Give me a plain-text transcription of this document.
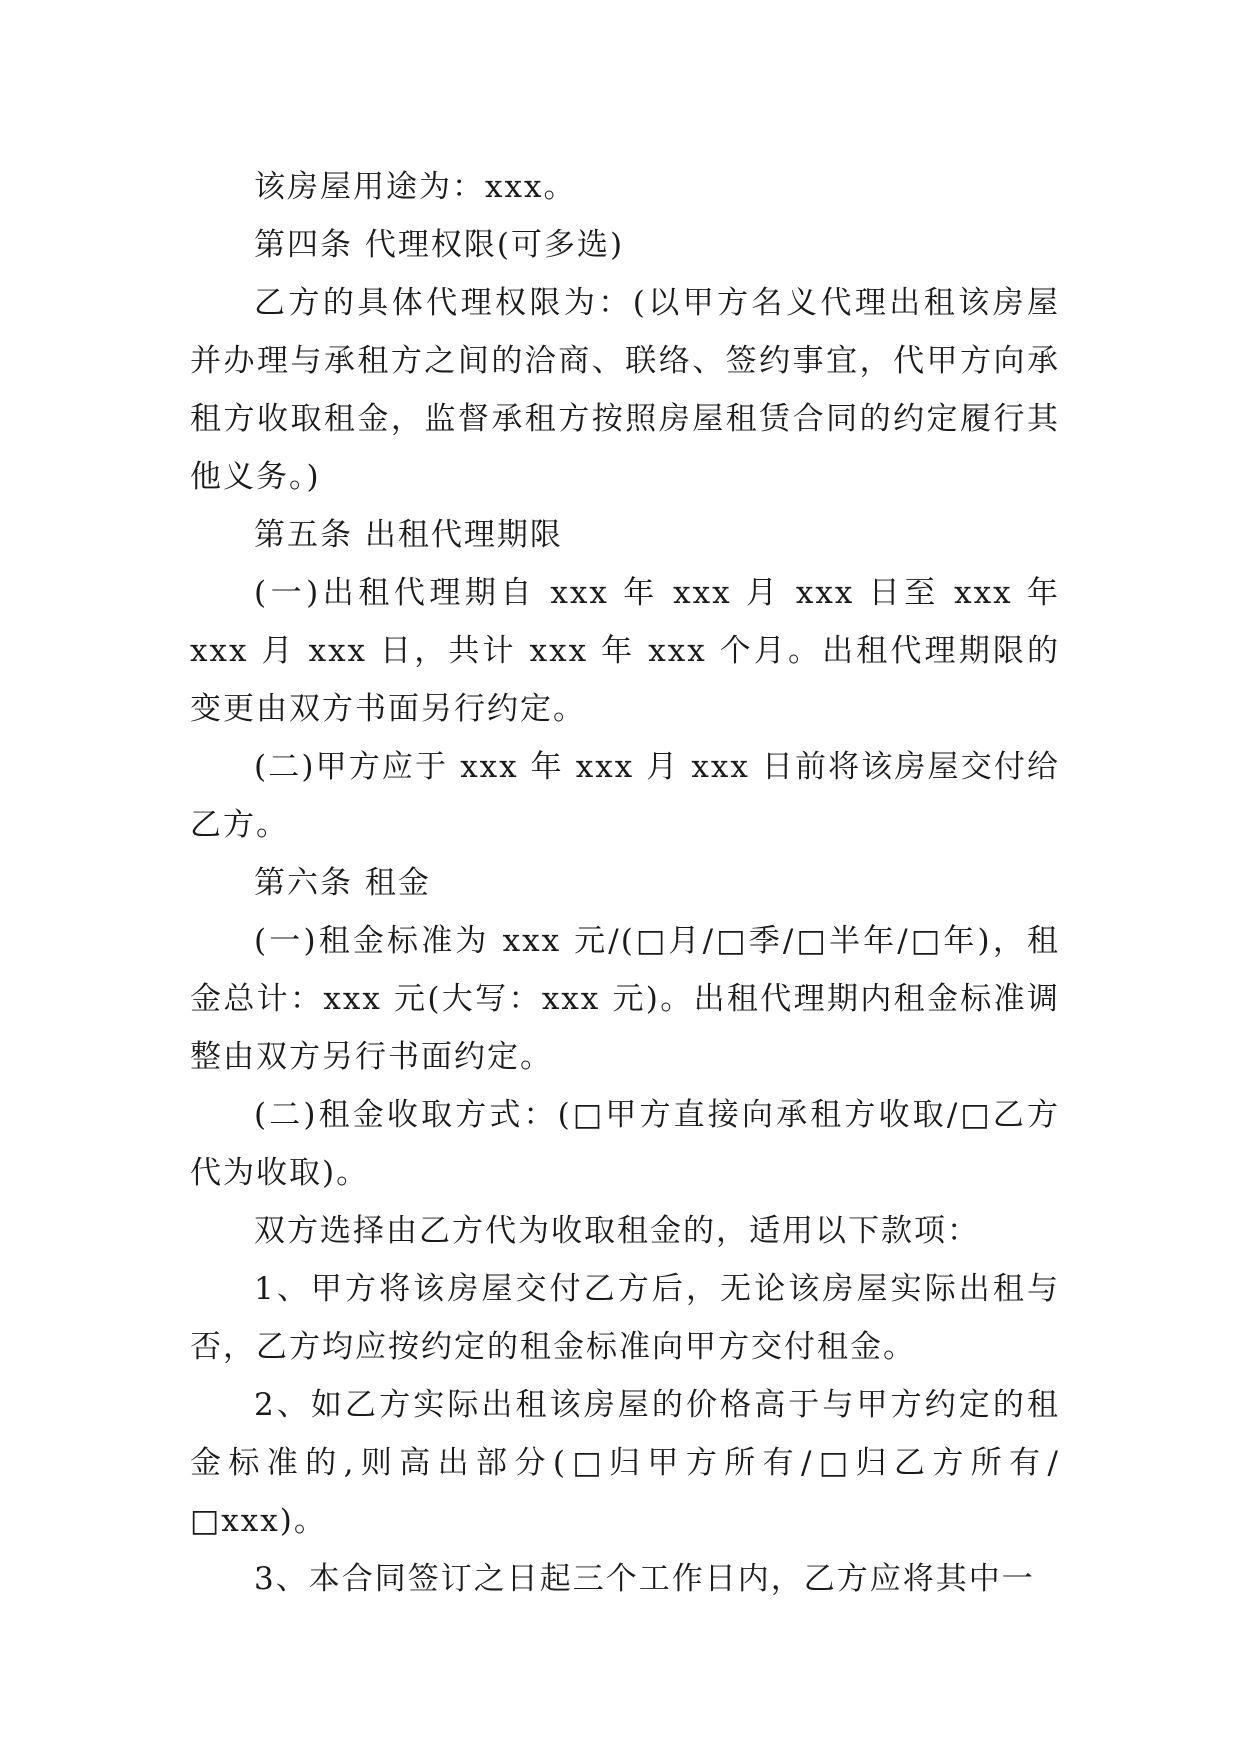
该房屋用途为：xxx。

第四条 代理权限(可多选)

乙方的具体代理权限为：(以甲方名义代理出租该房屋并办理与承租方之间的洽商、联络、签约事宜，代甲方向承租方收取租金，监督承租方按照房屋租赁合同的约定履行其他义务。)

第五条 出租代理期限

(一)出租代理期自 xxx 年 xxx 月 xxx 日至 xxx 年 xxx 月 xxx 日，共计 xxx 年 xxx 个月。出租代理期限的变更由双方书面另行约定。

(二)甲方应于 xxx 年 xxx 月 xxx 日前将该房屋交付给乙方。

第六条 租金

(一)租金标准为 xxx 元/(□月/□季/□半年/□年)，租金总计：xxx 元(大写：xxx 元)。出租代理期内租金标准调整由双方另行书面约定。

(二)租金收取方式：(□甲方直接向承租方收取/□乙方代为收取)。

双方选择由乙方代为收取租金的，适用以下款项：

1、甲方将该房屋交付乙方后，无论该房屋实际出租与否，乙方均应按约定的租金标准向甲方交付租金。

2、如乙方实际出租该房屋的价格高于与甲方约定的租金标准的,则高出部分(□归甲方所有/□归乙方所有/□xxx)。

3、本合同签订之日起三个工作日内，乙方应将其中一
